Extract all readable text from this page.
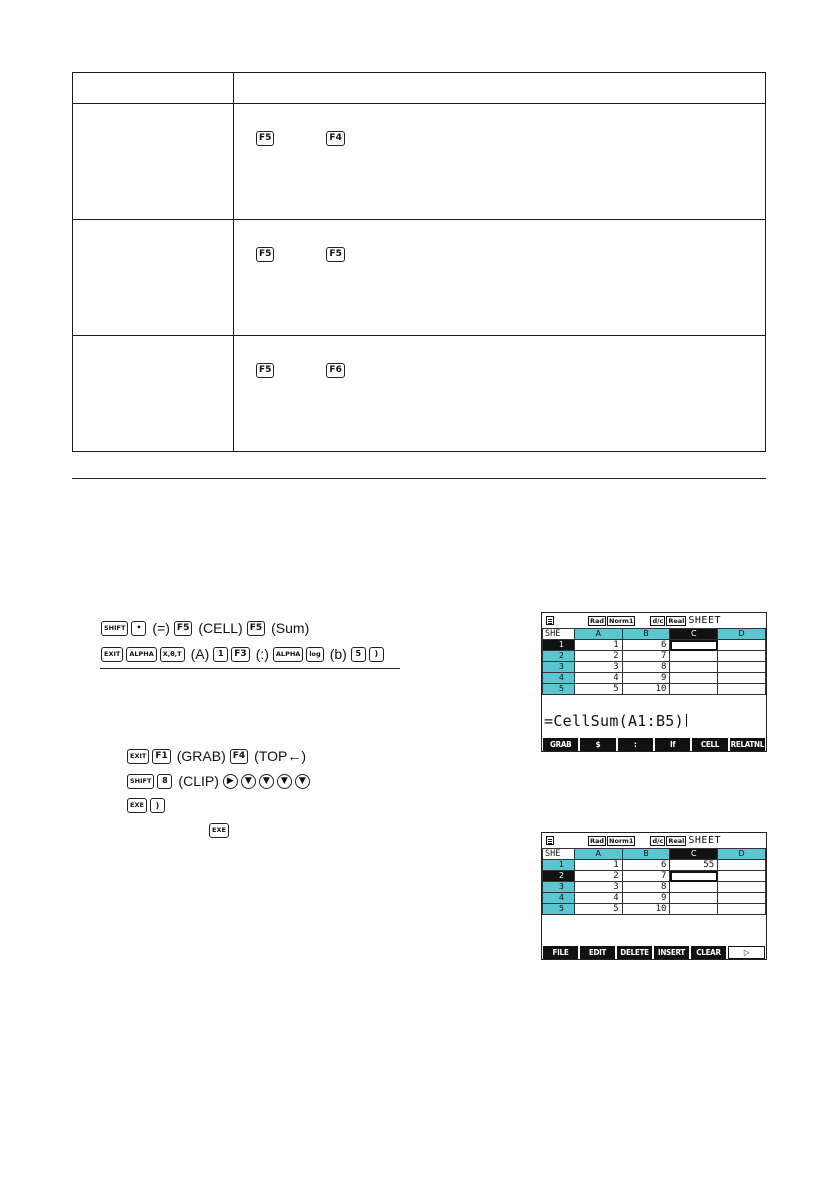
F5	F4
F5	F5
F5	F6
SHIFT	• (=) F5 (CELL) F5 (Sum)
EXIT	ALPHA	X,θ,T (A)	1	F3 (:)	ALPHA	log (b)	5	)
EXIT	F1 (GRAB) F4 (TOP←)
SHIFT	8 (CLIP) ▶	▼	▼	▼	▼
EXE	)
EXE
Rad Norm1	d/c Real SHEET
SHE	A	B	C	D
1	1	6		
2	2	7		
3	3	8		
4	4	9		
5	5	10		
=CellSum(A1:B5)
GRAB	$	:	If	CELL	RELATNL
Rad Norm1	d/c Real SHEET
SHE	A	B	C	D
1	1	6	55	
2	2	7		
3	3	8		
4	4	9		
5	5	10		
FILE	EDIT	DELETE	INSERT	CLEAR	▷
